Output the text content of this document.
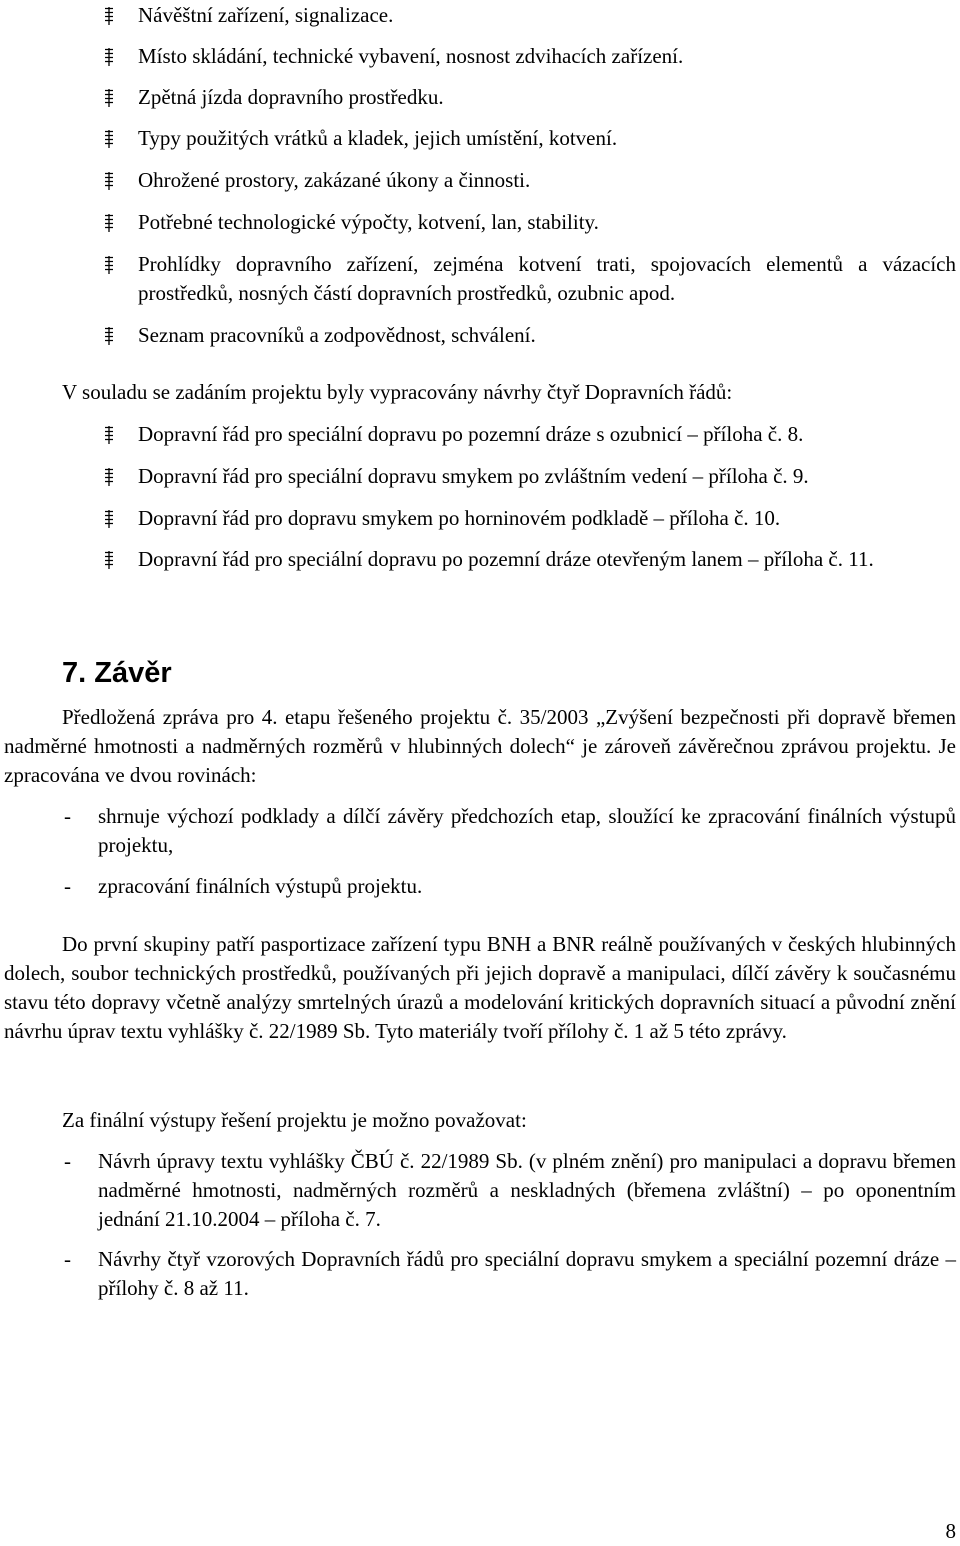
Návěštní zařízení, signalizace.
Místo skládání, technické vybavení, nosnost zdvihacích zařízení.
Zpětná jízda dopravního prostředku.
Typy použitých vrátků a kladek, jejich umístění, kotvení.
Ohrožené prostory, zakázané úkony a činnosti.
Potřebné technologické výpočty, kotvení, lan, stability.
Prohlídky dopravního zařízení, zejména kotvení trati, spojovacích elementů a vázacích prostředků, nosných částí dopravních prostředků, ozubnic apod.
Seznam pracovníků a zodpovědnost, schválení.
V souladu se zadáním projektu byly vypracovány návrhy čtyř Dopravních řádů:
Dopravní řád pro speciální dopravu po pozemní dráze s ozubnicí – příloha č. 8.
Dopravní řád pro speciální dopravu smykem po zvláštním vedení – příloha č. 9.
Dopravní řád pro dopravu smykem po horninovém podkladě – příloha č. 10.
Dopravní řád pro speciální dopravu po pozemní dráze otevřeným lanem – příloha č. 11.
7. Závěr
Předložená zpráva pro 4. etapu řešeného projektu č. 35/2003 „Zvýšení bezpečnosti při dopravě břemen nadměrné hmotnosti a nadměrných rozměrů v hlubinných dolech“ je zároveň závěrečnou zprávou projektu. Je zpracována ve dvou rovinách:
- shrnuje výchozí podklady a dílčí závěry předchozích etap, sloužící ke zpracování finálních výstupů projektu,
- zpracování finálních výstupů projektu.
Do první skupiny patří pasportizace zařízení typu BNH a BNR reálně používaných v českých hlubinných dolech, soubor technických prostředků, používaných při jejich dopravě a manipulaci, dílčí závěry k současnému stavu této dopravy včetně analýzy smrtelných úrazů a modelování kritických dopravních situací a původní znění návrhu úprav textu vyhlášky č. 22/1989 Sb. Tyto materiály tvoří přílohy č. 1 až 5 této zprávy.
Za finální výstupy řešení projektu je možno považovat:
- Návrh úpravy textu vyhlášky ČBÚ č. 22/1989 Sb. (v plném znění) pro manipulaci a dopravu břemen nadměrné hmotnosti, nadměrných rozměrů a neskladných (břemena zvláštní) – po oponentním jednání 21.10.2004 – příloha č. 7.
- Návrhy čtyř vzorových Dopravních řádů pro speciální dopravu smykem a speciální pozemní dráze – přílohy č. 8 až 11.
8
